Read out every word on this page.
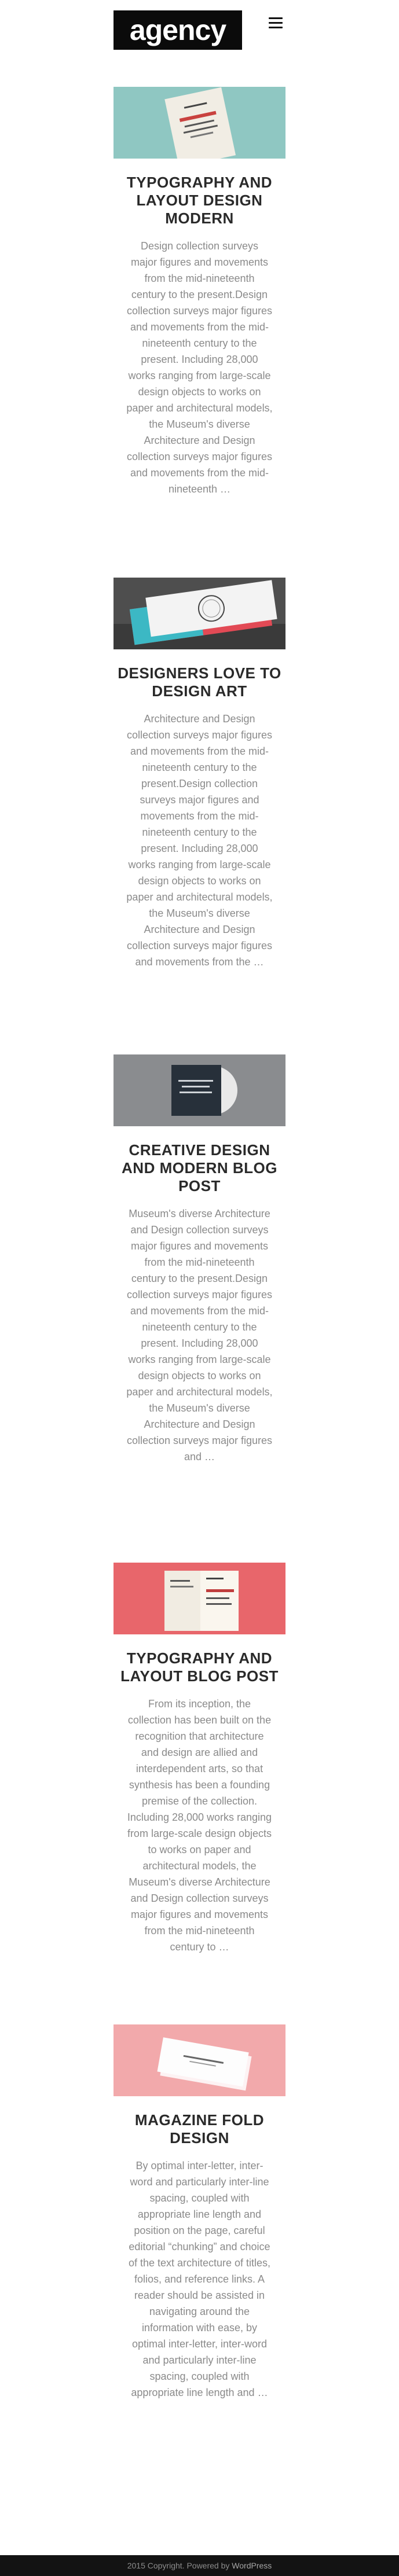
agency
TYPOGRAPHY AND LAYOUT DESIGN MODERN

Design collection surveys major figures and movements from the mid-nineteenth century to the present.Design collection surveys major figures and movements from the mid-nineteenth century to the present. Including 28,000 works ranging from large-scale design objects to works on paper and architectural models, the Museum's diverse Architecture and Design collection surveys major figures and movements from the mid-nineteenth …

DESIGNERS LOVE TO DESIGN ART

Architecture and Design collection surveys major figures and movements from the mid-nineteenth century to the present.Design collection surveys major figures and movements from the mid-nineteenth century to the present. Including 28,000 works ranging from large-scale design objects to works on paper and architectural models, the Museum's diverse Architecture and Design collection surveys major figures and movements from the …

CREATIVE DESIGN AND MODERN BLOG POST

Museum's diverse Architecture and Design collection surveys major figures and movements from the mid-nineteenth century to the present.Design collection surveys major figures and movements from the mid-nineteenth century to the present. Including 28,000 works ranging from large-scale design objects to works on paper and architectural models, the Museum's diverse Architecture and Design collection surveys major figures and …

TYPOGRAPHY AND LAYOUT BLOG POST

From its inception, the collection has been built on the recognition that architecture and design are allied and interdependent arts, so that synthesis has been a founding premise of the collection. Including 28,000 works ranging from large-scale design objects to works on paper and architectural models, the Museum's diverse Architecture and Design collection surveys major figures and movements from the mid-nineteenth century to …

MAGAZINE FOLD DESIGN

By optimal inter-letter, inter-word and particularly inter-line spacing, coupled with appropriate line length and position on the page, careful editorial “chunking” and choice of the text architecture of titles, folios, and reference links. A reader should be assisted in navigating around the information with ease, by optimal inter-letter, inter-word and particularly inter-line spacing, coupled with appropriate line length and …

2015 Copyright. Powered by
WordPress
